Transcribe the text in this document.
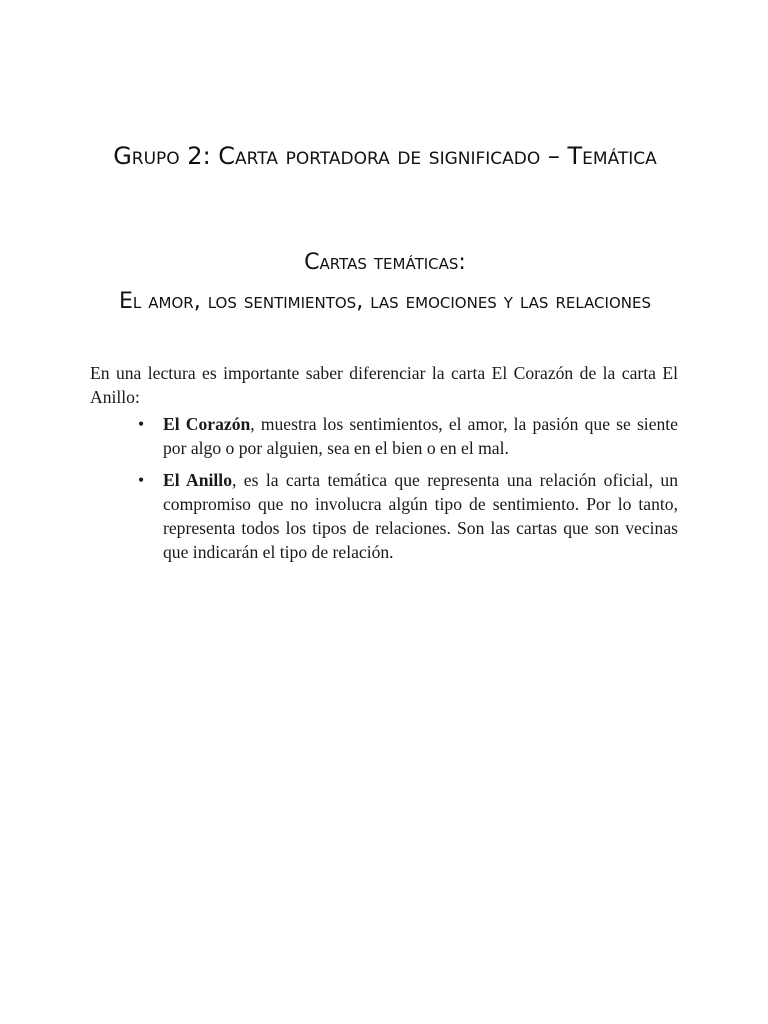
Grupo 2: Carta portadora de significado – Temática
Cartas temáticas:
El amor, los sentimientos, las emociones y las relaciones

En una lectura es importante saber diferenciar la carta El Corazón de la carta El Anillo:

• El Corazón, muestra los sentimientos, el amor, la pasión que se siente por algo o por alguien, sea en el bien o en el mal.
• El Anillo, es la carta temática que representa una relación oficial, un compromiso que no involucra algún tipo de sentimiento. Por lo tanto, representa todos los tipos de relaciones. Son las cartas que son vecinas que indicarán el tipo de relación.
